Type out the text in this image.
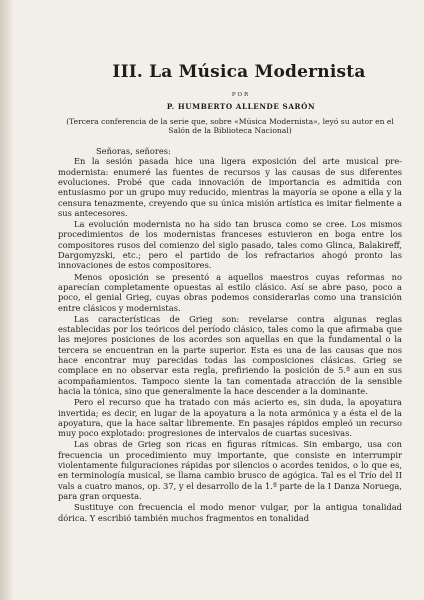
III. La Música Modernista
POR
P. HUMBERTO ALLENDE SARÓN
(Tercera conferencia de la serie que, sobre «Música Modernista», leyó su autor en el Salón de la Biblioteca Nacional)
Señoras, señores:

En la sesión pasada hice una ligera exposición del arte musical pre-modernista: enumeré las fuentes de recursos y las causas de sus diferentes evoluciones. Probé que cada innovación de importancia es admitida con entusiasmo por un grupo muy reducido, mientras la mayoría se opone a ella y la censura tenazmente, creyendo que su única misión artística es imitar fielmente a sus antecesores.

La evolución modernista no ha sido tan brusca como se cree. Los mismos procedimientos de los modernistas franceses estuvieron en boga entre los compositores rusos del comienzo del siglo pasado, tales como Glinca, Balakireff, Dargomyzski, etc.; pero el partido de los refractarios ahogó pronto las innovaciones de estos compositores.

Menos oposición se presentó a aquellos maestros cuyas reformas no aparecían completamente opuestas al estilo clásico. Así se abre paso, poco a poco, el genial Grieg, cuyas obras podemos considerarlas como una transición entre clásicos y modernistas.

Las características de Grieg son: revelarse contra algunas reglas establecidas por los teóricos del período clásico, tales como la que afirmaba que las mejores posiciones de los acordes son aquellas en que la fundamental o la tercera se encuentran en la parte superior. Esta es una de las causas que nos hace encontrar muy parecidas todas las composiciones clásicas. Grieg se complace en no observar esta regla, prefiriendo la posición de 5.ª aun en sus acompañamientos. Tampoco siente la tan comentada atracción de la sensible hacia la tónica, sino que generalmente la hace descender a la dominante.

Pero el recurso que ha tratado con más acierto es, sin duda, la apoyatura invertida; es decir, en lugar de la apoyatura a la nota armónica y a ésta el de la apoyatura, que la hace saltar libremente. En pasajes rápidos empleó un recurso muy poco explotado: progresiones de intervalos de cuartas sucesivas.

Las obras de Grieg son ricas en figuras rítmicas. Sin embargo, usa con frecuencia un procedimiento muy importante, que consiste en interrumpir violentamente fulguraciones rápidas por silencios o acordes tenidos, o lo que es, en terminología musical, se llama cambio brusco de agógica. Tal es el Trío del II vals a cuatro manos, op. 37, y el desarrollo de la 1.ª parte de la I Danza Noruega, para gran orquesta.

Sustituye con frecuencia el modo menor vulgar, por la antigua tonalidad dórica. Y escribió también muchos fragmentos en tonalidad
